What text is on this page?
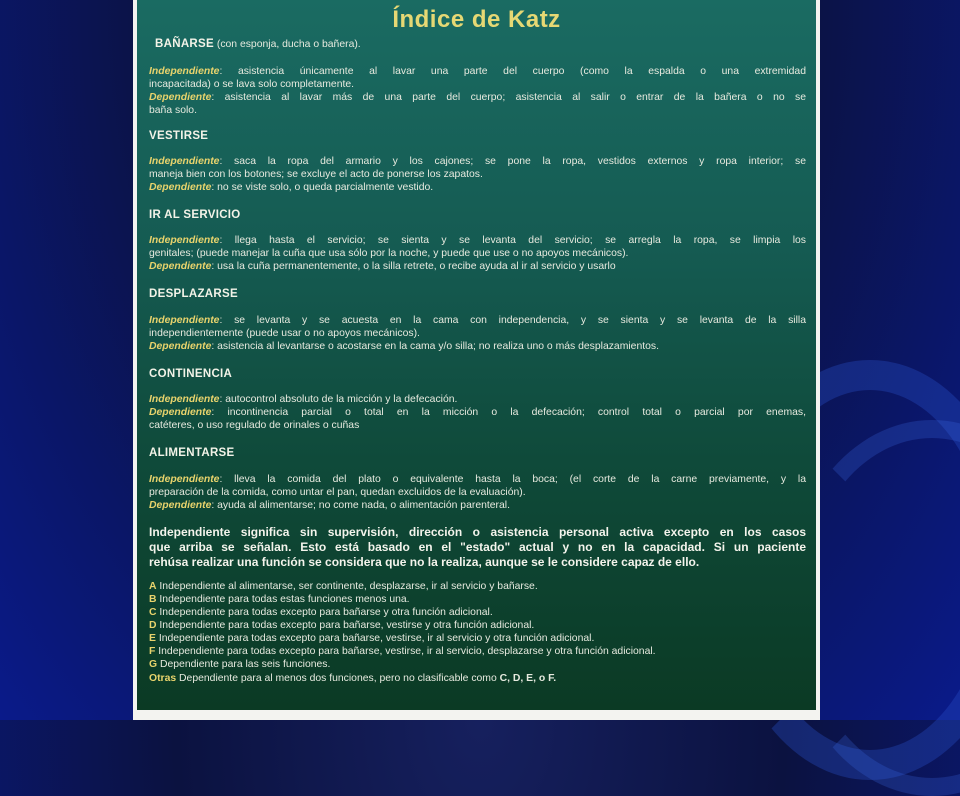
Índice de Katz
BAÑARSE (con esponja, ducha o bañera).
Independiente: asistencia únicamente al lavar una parte del cuerpo (como la espalda o una extremidad
incapacitada) o se lava solo completamente.
Dependiente: asistencia al lavar más de una parte del cuerpo; asistencia al salir o entrar de la bañera o no se
baña solo.
VESTIRSE
Independiente: saca la ropa del armario y los cajones; se pone la ropa, vestidos externos y ropa interior; se
maneja bien con los botones; se excluye el acto de ponerse los zapatos.
Dependiente: no se viste solo, o queda parcialmente vestido.
IR AL SERVICIO
Independiente: llega hasta el servicio; se sienta y se levanta del servicio; se arregla la ropa, se limpia los
genitales; (puede manejar la cuña que usa sólo por la noche, y puede que use o no apoyos mecánicos).
Dependiente: usa la cuña permanentemente, o la silla retrete, o recibe ayuda al ir al servicio y usarlo
DESPLAZARSE
Independiente: se levanta y se acuesta en la cama con independencia, y se sienta y se levanta de la silla
independientemente (puede usar o no apoyos mecánicos).
Dependiente: asistencia al levantarse o acostarse en la cama y/o silla; no realiza uno o más desplazamientos.
CONTINENCIA
Independiente: autocontrol absoluto de la micción y la defecación.
Dependiente: incontinencia parcial o total en la micción o la defecación; control total o parcial por enemas,
catéteres, o uso regulado de orinales o cuñas
ALIMENTARSE
Independiente: lleva la comida del plato o equivalente hasta la boca; (el corte de la carne previamente, y la
preparación de la comida, como untar el pan, quedan excluidos de la evaluación).
Dependiente: ayuda al alimentarse; no come nada, o alimentación parenteral.
Independiente significa sin supervisión, dirección o asistencia personal activa excepto en los casos
que arriba se señalan. Esto está basado en el "estado" actual y no en la capacidad. Si un paciente
rehúsa realizar una función se considera que no la realiza, aunque se le considere capaz de ello.
A Independiente al alimentarse, ser continente, desplazarse, ir al servicio y bañarse.
B Independiente para todas estas funciones menos una.
C Independiente para todas excepto para bañarse y otra función adicional.
D Independiente para todas excepto para bañarse, vestirse y otra función adicional.
E Independiente para todas excepto para bañarse, vestirse, ir al servicio y otra función adicional.
F Independiente para todas excepto para bañarse, vestirse, ir al servicio, desplazarse y otra función adicional.
G Dependiente para las seis funciones.
Otras Dependiente para al menos dos funciones, pero no clasificable como C, D, E, o F.
